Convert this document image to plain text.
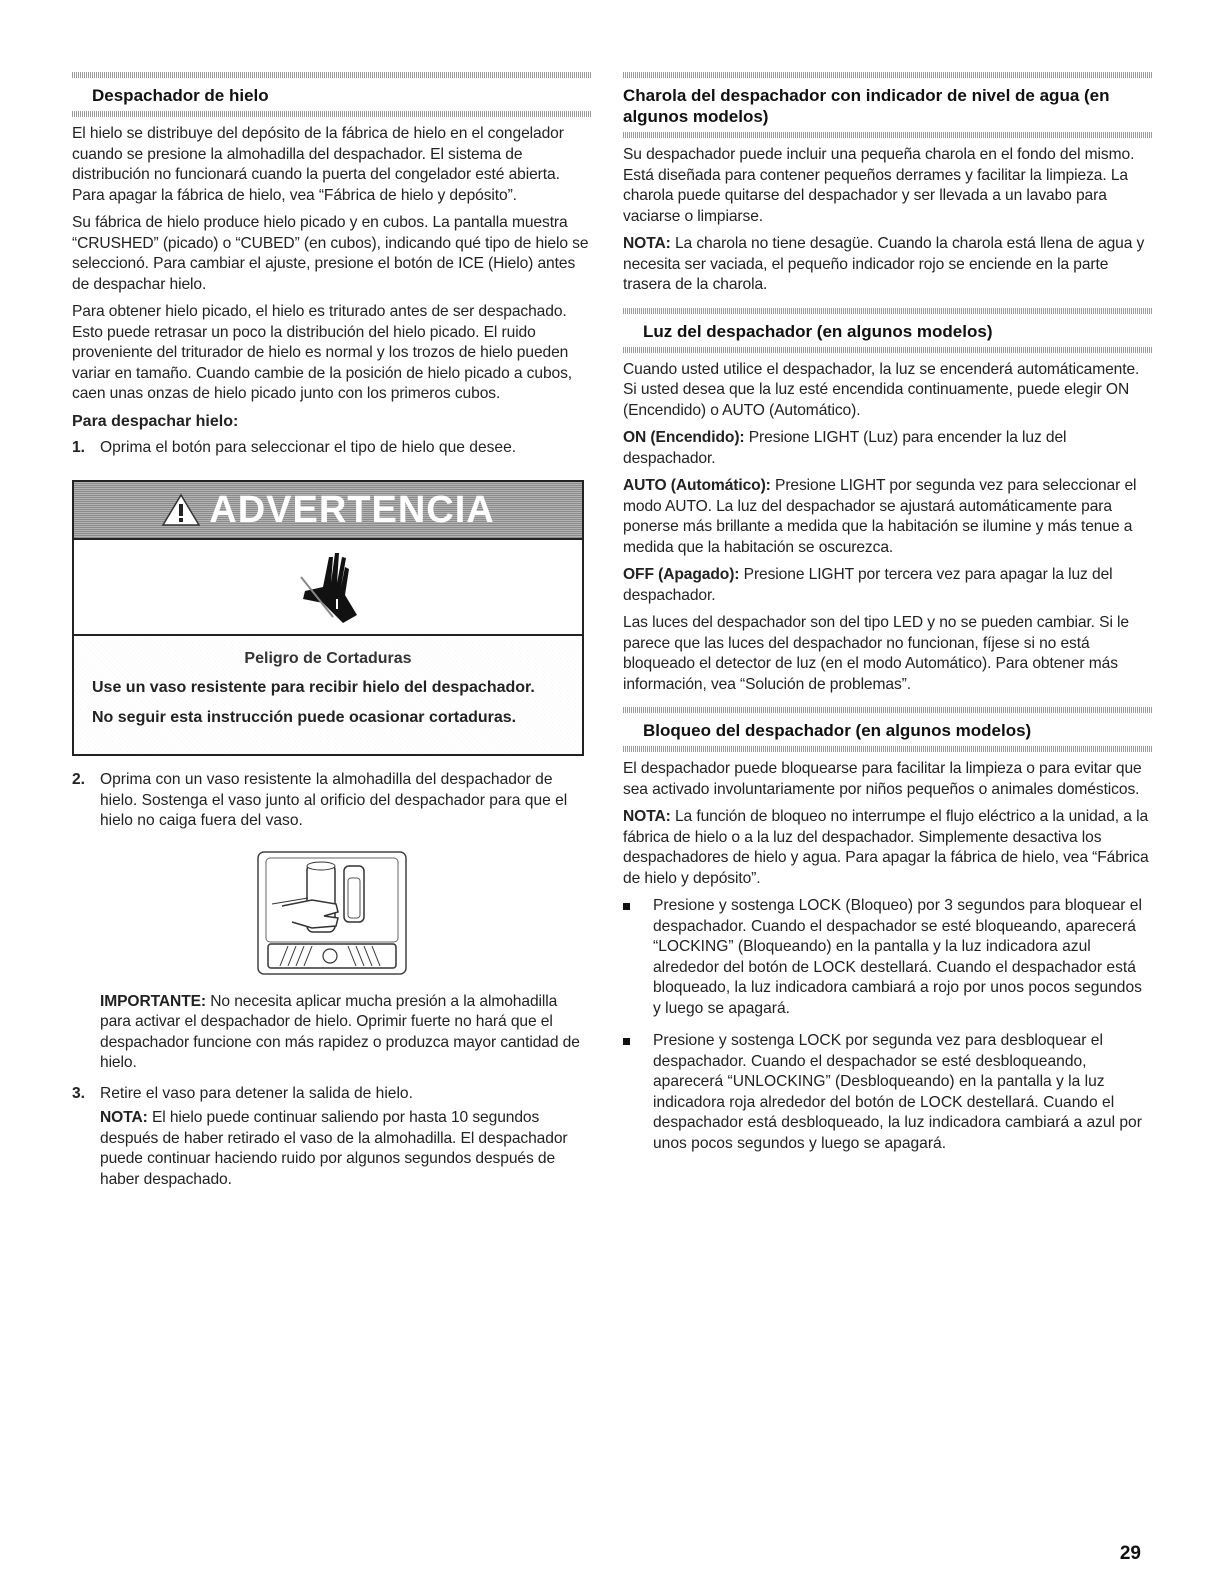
Despachador de hielo

El hielo se distribuye del depósito de la fábrica de hielo en el congelador cuando se presione la almohadilla del despachador. El sistema de distribución no funcionará cuando la puerta del congelador esté abierta. Para apagar la fábrica de hielo, vea “Fábrica de hielo y depósito”.

Su fábrica de hielo produce hielo picado y en cubos. La pantalla muestra “CRUSHED” (picado) o “CUBED” (en cubos), indicando qué tipo de hielo se seleccionó. Para cambiar el ajuste, presione el botón de ICE (Hielo) antes de despachar hielo.

Para obtener hielo picado, el hielo es triturado antes de ser despachado. Esto puede retrasar un poco la distribución del hielo picado. El ruido proveniente del triturador de hielo es normal y los trozos de hielo pueden variar en tamaño. Cuando cambie de la posición de hielo picado a cubos, caen unas onzas de hielo picado junto con los primeros cubos.

Para despachar hielo:
1. Oprima el botón para seleccionar el tipo de hielo que desee.
ADVERTENCIA
Peligro de Cortaduras

Use un vaso resistente para recibir hielo del despachador.

No seguir esta instrucción puede ocasionar cortaduras.

2. Oprima con un vaso resistente la almohadilla del despachador de hielo. Sostenga el vaso junto al orificio del despachador para que el hielo no caiga fuera del vaso.

IMPORTANTE: No necesita aplicar mucha presión a la almohadilla para activar el despachador de hielo. Oprimir fuerte no hará que el despachador funcione con más rapidez o produzca mayor cantidad de hielo.

3. Retire el vaso para detener la salida de hielo.

NOTA: El hielo puede continuar saliendo por hasta 10 segundos después de haber retirado el vaso de la almohadilla. El despachador puede continuar haciendo ruido por algunos segundos después de haber despachado.

Charola del despachador con indicador de nivel de agua (en algunos modelos)

Su despachador puede incluir una pequeña charola en el fondo del mismo. Está diseñada para contener pequeños derrames y facilitar la limpieza. La charola puede quitarse del despachador y ser llevada a un lavabo para vaciarse o limpiarse.

NOTA: La charola no tiene desagüe. Cuando la charola está llena de agua y necesita ser vaciada, el pequeño indicador rojo se enciende en la parte trasera de la charola.

Luz del despachador (en algunos modelos)

Cuando usted utilice el despachador, la luz se encenderá automáticamente. Si usted desea que la luz esté encendida continuamente, puede elegir ON (Encendido) o AUTO (Automático).

ON (Encendido): Presione LIGHT (Luz) para encender la luz del despachador.

AUTO (Automático): Presione LIGHT por segunda vez para seleccionar el modo AUTO. La luz del despachador se ajustará automáticamente para ponerse más brillante a medida que la habitación se ilumine y más tenue a medida que la habitación se oscurezca.

OFF (Apagado): Presione LIGHT por tercera vez para apagar la luz del despachador.

Las luces del despachador son del tipo LED y no se pueden cambiar. Si le parece que las luces del despachador no funcionan, fíjese si no está bloqueado el detector de luz (en el modo Automático). Para obtener más información, vea “Solución de problemas”.

Bloqueo del despachador (en algunos modelos)

El despachador puede bloquearse para facilitar la limpieza o para evitar que sea activado involuntariamente por niños pequeños o animales domésticos.

NOTA: La función de bloqueo no interrumpe el flujo eléctrico a la unidad, a la fábrica de hielo o a la luz del despachador. Simplemente desactiva los despachadores de hielo y agua. Para apagar la fábrica de hielo, vea “Fábrica de hielo y depósito”.

Presione y sostenga LOCK (Bloqueo) por 3 segundos para bloquear el despachador. Cuando el despachador se esté bloqueando, aparecerá “LOCKING” (Bloqueando) en la pantalla y la luz indicadora azul alrededor del botón de LOCK destellará. Cuando el despachador está bloqueado, la luz indicadora cambiará a rojo por unos pocos segundos y luego se apagará.
Presione y sostenga LOCK por segunda vez para desbloquear el despachador. Cuando el despachador se esté desbloqueando, aparecerá “UNLOCKING” (Desbloqueando) en la pantalla y la luz indicadora roja alrededor del botón de LOCK destellará. Cuando el despachador está desbloqueado, la luz indicadora cambiará a azul por unos pocos segundos y luego se apagará.
29
